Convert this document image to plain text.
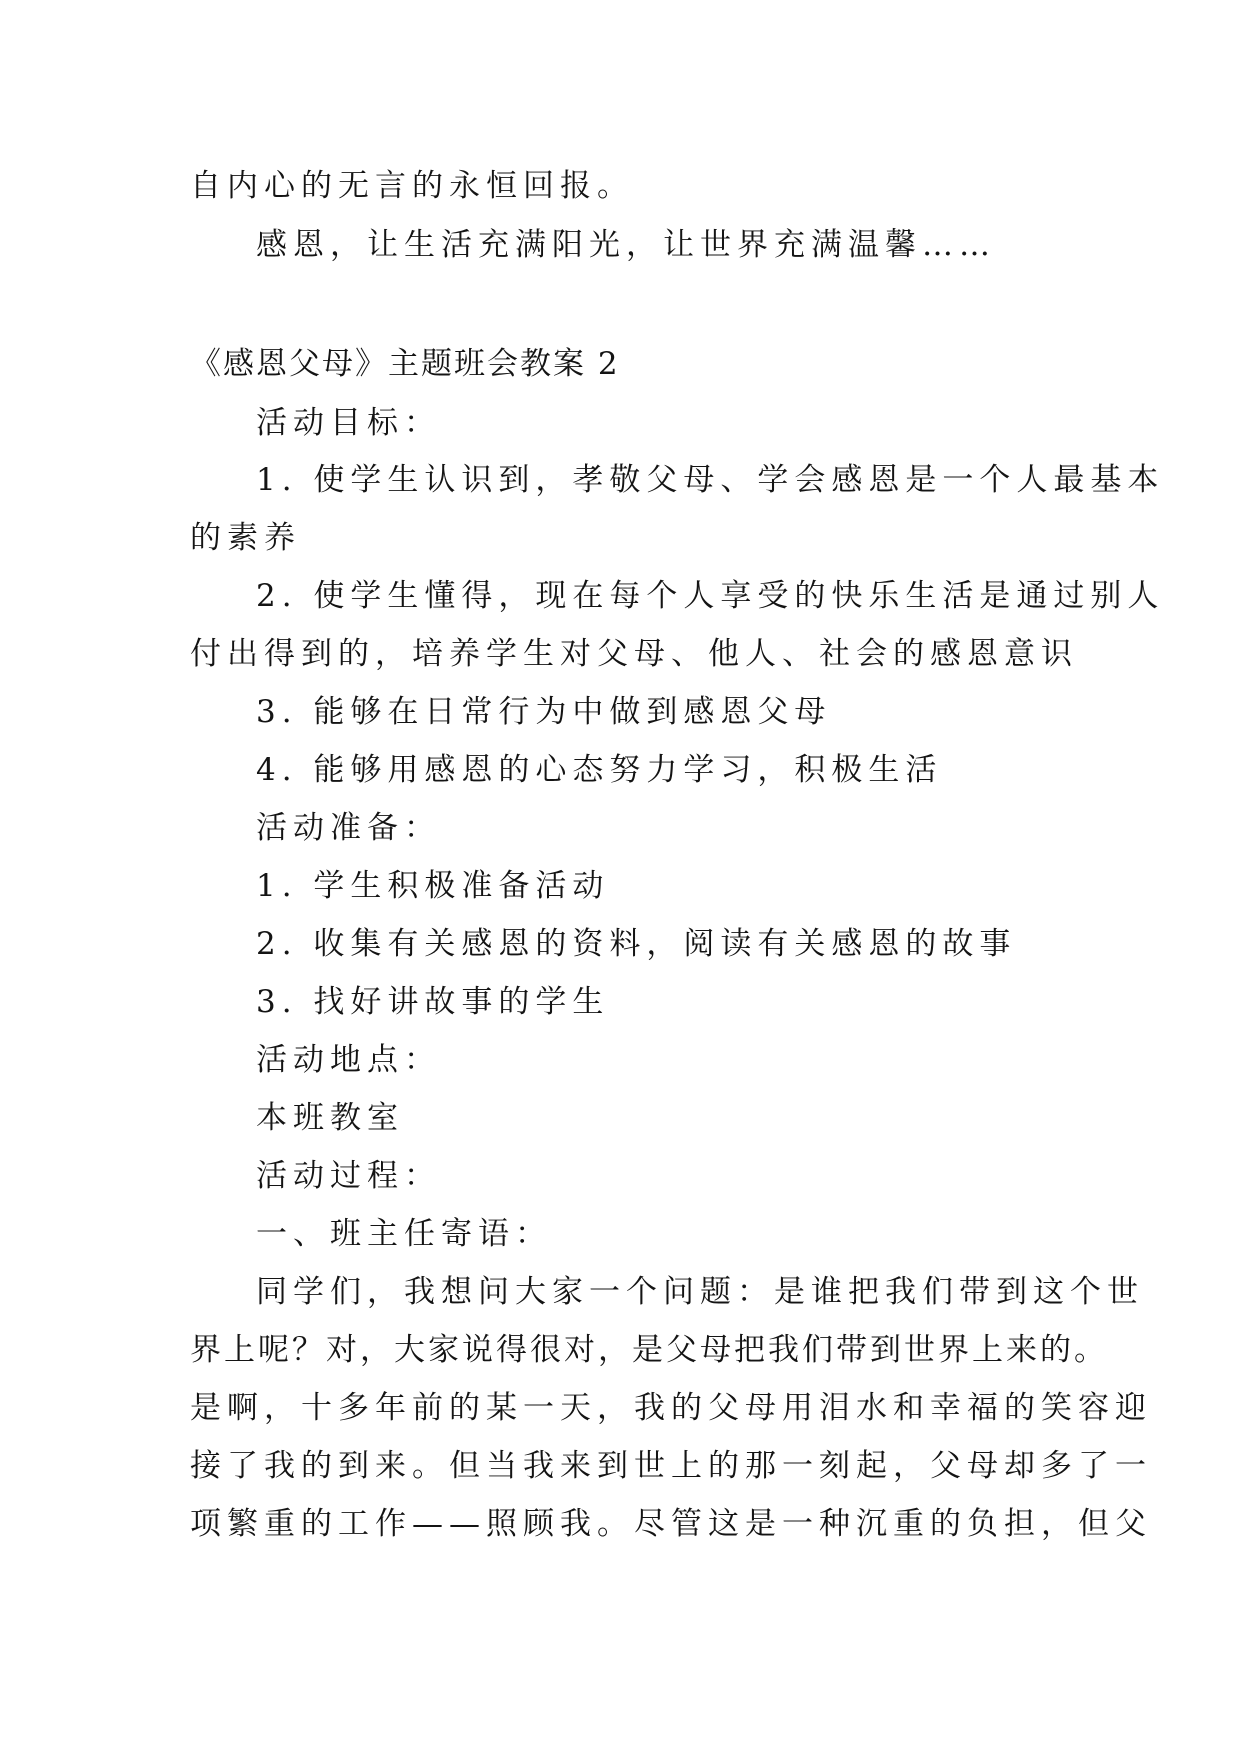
自内心的无言的永恒回报。

感恩，让生活充满阳光，让世界充满温馨……

《感恩父母》主题班会教案 2

活动目标：

1. 使学生认识到，孝敬父母、学会感恩是一个人最基本

的素养

2. 使学生懂得，现在每个人享受的快乐生活是通过别人

付出得到的，培养学生对父母、他人、社会的感恩意识

3. 能够在日常行为中做到感恩父母

4. 能够用感恩的心态努力学习，积极生活

活动准备：

1. 学生积极准备活动

2. 收集有关感恩的资料，阅读有关感恩的故事

3. 找好讲故事的学生

活动地点：

本班教室

活动过程：

一、班主任寄语：

同学们，我想问大家一个问题：是谁把我们带到这个世

界上呢？对，大家说得很对，是父母把我们带到世界上来的。

是啊，十多年前的某一天，我的父母用泪水和幸福的笑容迎

接了我的到来。但当我来到世上的那一刻起，父母却多了一

项繁重的工作——照顾我。尽管这是一种沉重的负担，但父
